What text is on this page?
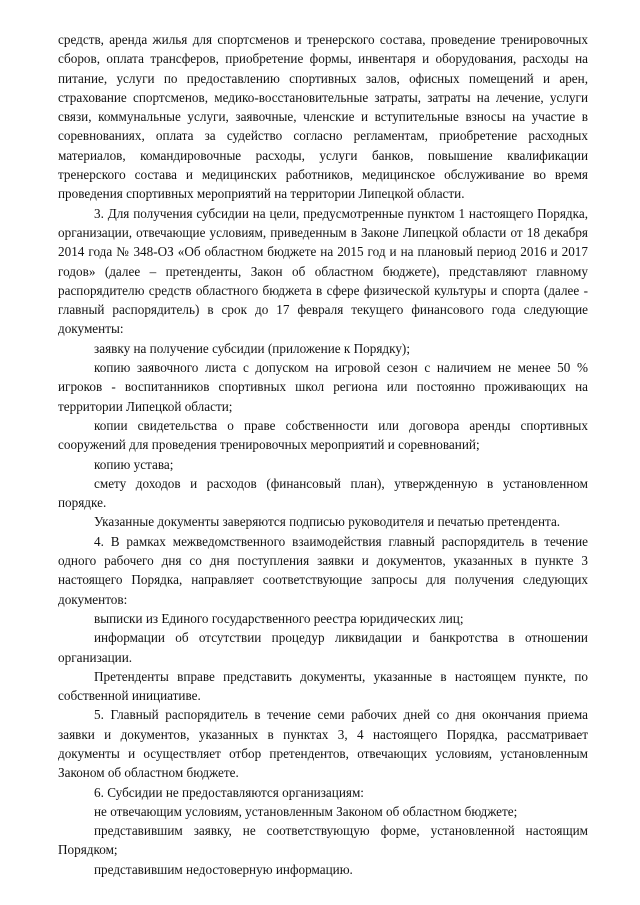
средств, аренда жилья для спортсменов и тренерского состава, проведение тренировочных сборов, оплата трансферов, приобретение формы, инвентаря и оборудования, расходы на питание, услуги по предоставлению спортивных залов, офисных помещений и арен, страхование спортсменов, медико-восстановительные затраты, затраты на лечение, услуги связи, коммунальные услуги, заявочные, членские и вступительные взносы на участие в соревнованиях, оплата за судейство согласно регламентам, приобретение расходных материалов, командировочные расходы, услуги банков, повышение квалификации тренерского состава и медицинских работников, медицинское обслуживание во время проведения спортивных мероприятий на территории Липецкой области.

3. Для получения субсидии на цели, предусмотренные пунктом 1 настоящего Порядка, организации, отвечающие условиям, приведенным в Законе Липецкой области от 18 декабря 2014 года № 348-ОЗ «Об областном бюджете на 2015 год и на плановый период 2016 и 2017 годов» (далее – претенденты, Закон об областном бюджете), представляют главному распорядителю средств областного бюджета в сфере физической культуры и спорта (далее - главный распорядитель) в срок до 17 февраля текущего финансового года следующие документы:

заявку на получение субсидии (приложение к Порядку);

копию заявочного листа с допуском на игровой сезон с наличием не менее 50 % игроков - воспитанников спортивных школ региона или постоянно проживающих на территории Липецкой области;

копии свидетельства о праве собственности или договора аренды спортивных сооружений для проведения тренировочных мероприятий и соревнований;

копию устава;

смету доходов и расходов (финансовый план), утвержденную в установленном порядке.

Указанные документы заверяются подписью руководителя и печатью претендента.

4. В рамках межведомственного взаимодействия главный распорядитель в течение одного рабочего дня со дня поступления заявки и документов, указанных в пункте 3 настоящего Порядка, направляет соответствующие запросы для получения следующих документов:

выписки из Единого государственного реестра юридических лиц;

информации об отсутствии процедур ликвидации и банкротства в отношении организации.

Претенденты вправе представить документы, указанные в настоящем пункте, по собственной инициативе.

5. Главный распорядитель в течение семи рабочих дней со дня окончания приема заявки и документов, указанных в пунктах 3, 4 настоящего Порядка, рассматривает документы и осуществляет отбор претендентов, отвечающих условиям, установленным Законом об областном бюджете.

6. Субсидии не предоставляются организациям:

не отвечающим условиям, установленным Законом об областном бюджете;

представившим заявку, не соответствующую форме, установленной настоящим Порядком;

представившим недостоверную информацию.
